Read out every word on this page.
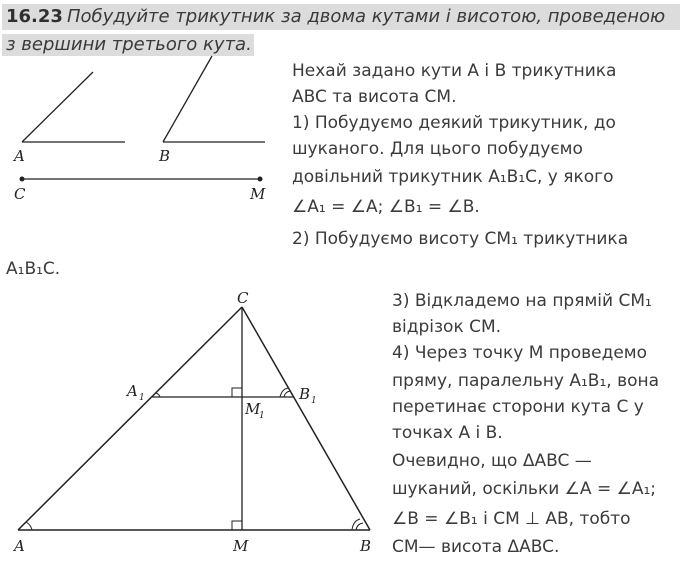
16.23 Побудуйте трикутник за двома кутами і висотою, проведеною
з вершини третього кута.
A	B
C	M
Нехай задано кути A і B трикутника
ABC та висота CM.
1) Побудуємо деякий трикутник, до
шуканого. Для цього побудуємо
довільний трикутник A₁B₁C, у якого
∠A₁ = ∠A; ∠B₁ = ∠B.
2) Побудуємо висоту CM₁ трикутника
A₁B₁C.
C
A 1	B 1
M
1
A	M	B
3) Відкладемо на прямій CM₁
відрізок CM.
4) Через точку M проведемо
пряму, паралельну A₁B₁, вона
перетинає сторони кута C у
точках A і B.
Очевидно, що ΔABC —
шуканий, оскільки ∠A = ∠A₁;
∠B = ∠B₁ і CM ⊥ AB, тобто
CM— висота ΔABC.
